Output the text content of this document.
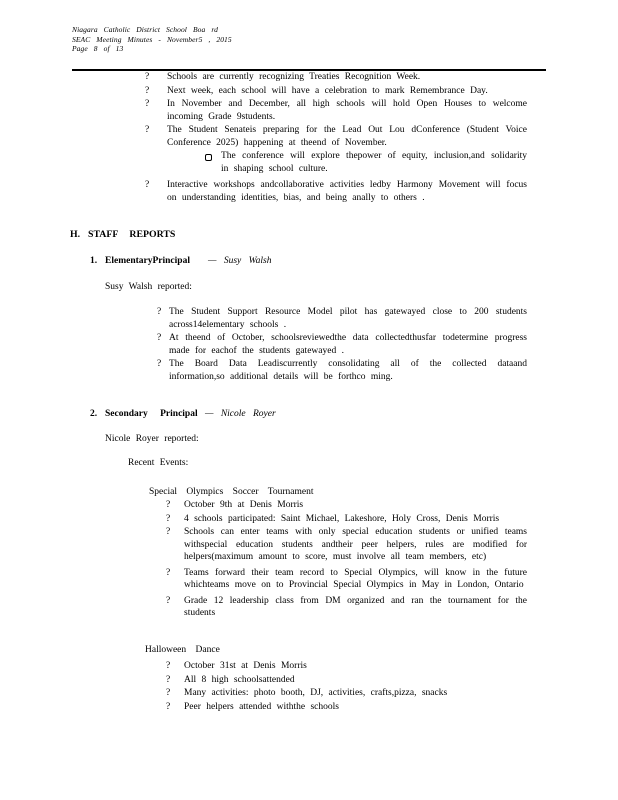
Niagara Catholic District School Boa rd
SEAC Meeting Minutes - November5 , 2015
Page 8 of 13
? Schools are currently recognizing Treaties Recognition Week.
? Next week, each school will have a celebration to mark Remembrance Day.
? In November and December, all high schools will hold Open Houses to welcome incoming Grade 9students.
? The Student Senateis preparing for the Lead Out Lou dConference (Student Voice Conference 2025) happening at theend of November.
The conference will explore thepower of equity, inclusion,and solidarity in shaping school culture.
? Interactive workshops andcollaborative activities ledby Harmony Movement will focus on understanding identities, bias, and being anally to others .
H. STAFF REPORTS
1. ElementaryPrincipal — Susy Walsh
Susy Walsh reported:
? The Student Support Resource Model pilot has gatewayed close to 200 students across14elementary schools .
? At theend of October, schoolsreviewedthe data collectedthusfar todetermine progress made for eachof the students gatewayed .
? The Board Data Leadiscurrently consolidating all of the collected dataand information,so additional details will be forthco ming.
2. Secondary Principal — Nicole Royer
Nicole Royer reported:
Recent Events:
Special Olympics Soccer Tournament
? October 9th at Denis Morris
? 4 schools participated: Saint Michael, Lakeshore, Holy Cross, Denis Morris
? Schools can enter teams with only special education students or unified teams withspecial education students andtheir peer helpers, rules are modified for helpers(maximum amount to score, must involve all team members, etc)
? Teams forward their team record to Special Olympics, will know in the future whichteams move on to Provincial Special Olympics in May in London, Ontario
? Grade 12 leadership class from DM organized and ran the tournament for the students
Halloween Dance
? October 31st at Denis Morris
? All 8 high schoolsattended
? Many activities: photo booth, DJ, activities, crafts,pizza, snacks
? Peer helpers attended withthe schools
